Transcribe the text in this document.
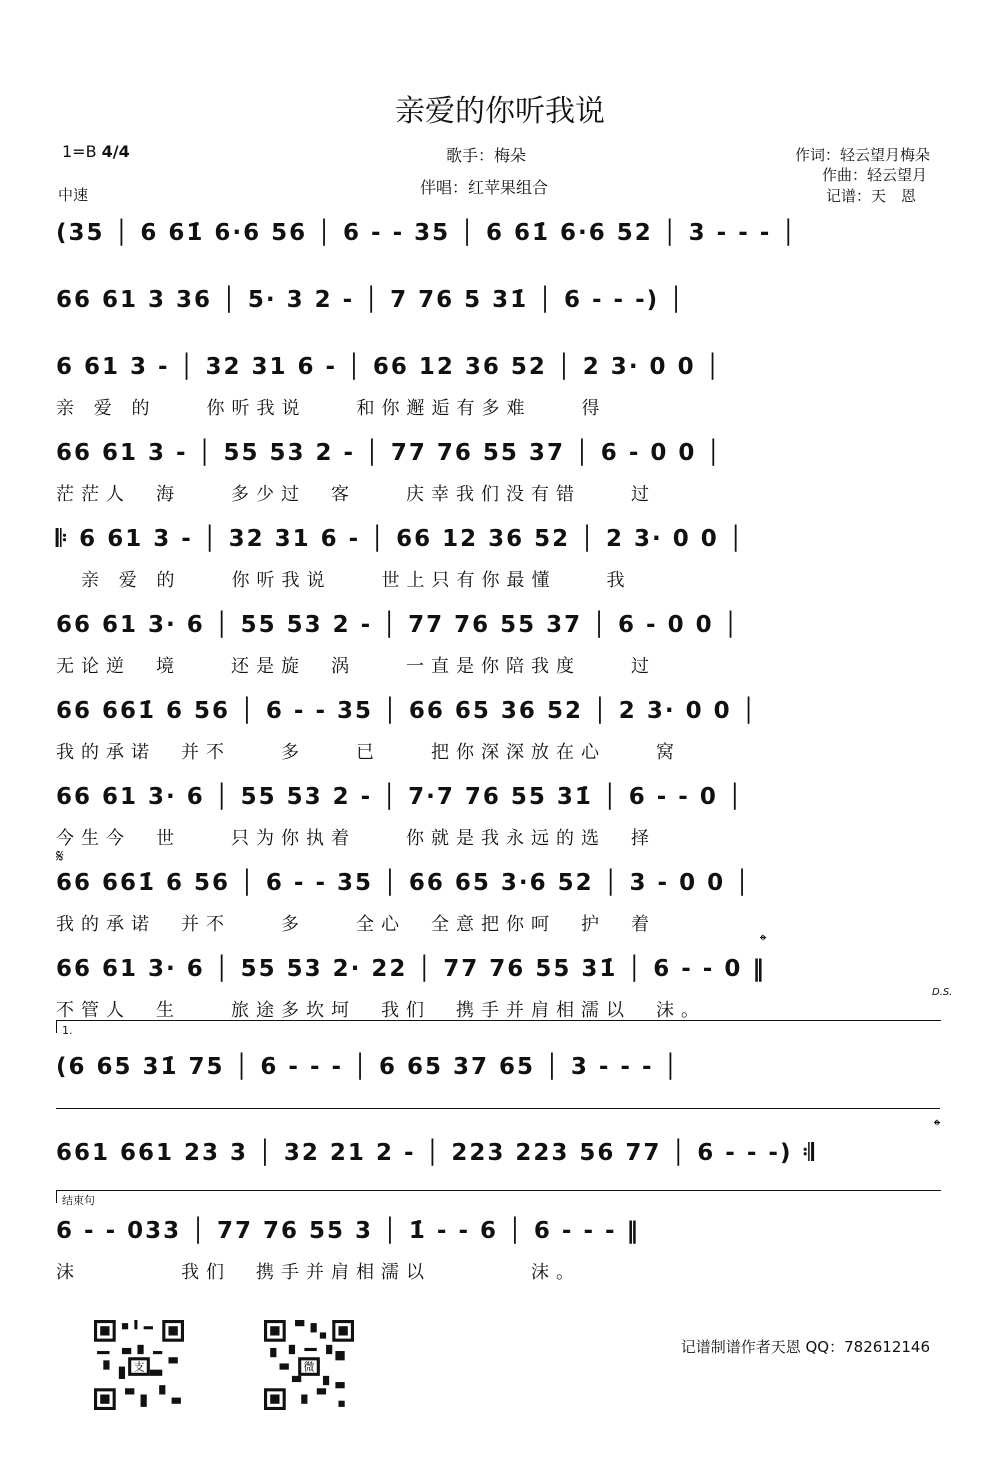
亲爱的你听我说
1=B 4/4
中速
歌手：梅朵
伴唱：红苹果组合
作词：轻云望月梅朵
作曲：轻云望月
记谱：天　恩
(35 │ 6 61̇ 6·6 56 │ 6 - - 35 │ 6 61̇ 6·6 52 │ 3 - - - │
66 61 3 36 │ 5· 3 2 - │ 7 76 5 31̇ │ 6 - - -) │
6 61 3 - │ 32 31 6 - │ 66 12 36 52 │ 2 3· 0 0 │
亲 爱 的　　你听我说　　和你邂逅有多难　　得
66 61 3 - │ 55 53 2 - │ 77 76 55 37 │ 6 - 0 0 │
茫茫人　海　　多少过　客　　庆幸我们没有错　　过
𝄆 6 61 3 - │ 32 31 6 - │ 66 12 36 52 │ 2 3· 0 0 │
　亲 爱 的　　你听我说　　世上只有你最懂　　我
66 61 3· 6 │ 55 53 2 - │ 77 76 55 37 │ 6 - 0 0 │
无论逆　境　　还是旋　涡　　一直是你陪我度　　过
66 661̇ 6 56 │ 6 - - 35 │ 66 65 36 52 │ 2 3· 0 0 │
我的承诺　并不　　多　　已　　把你深深放在心　　窝
66 61 3· 6 │ 55 53 2 - │ 7·7 76 55 31̇ │ 6 - - 0 │
今生今　世　　只为你执着　　你就是我永远的选　择
𝄋
66 661̇ 6 56 │ 6 - - 35 │ 66 65 3·6 52 │ 3 - 0 0 │
我的承诺　并不　　多　　全心　全意把你呵　护　着
𝄌
66 61 3· 6 │ 55 53 2· 22 │ 77 76 55 31̇ │ 6 - - 0 ‖
不管人　生　　旅途多坎坷　我们　携手并肩相濡以　沫。
D.S.
1.
(6 65 31̇ 75 │ 6 - - - │ 6 65 37 65 │ 3 - - - │
𝄌
661 661 23 3 │ 32 21 2 - │ 223 223 56 77 │ 6 - - -) 𝄇
结束句
6 - - 033 │ 77 76 55 3 │ 1̇ - - 6 │ 6 - - - ‖
沫　　　　我们　携手并肩相濡以　　　　沫。
支	微
记谱制谱作者天恩 QQ：782612146
